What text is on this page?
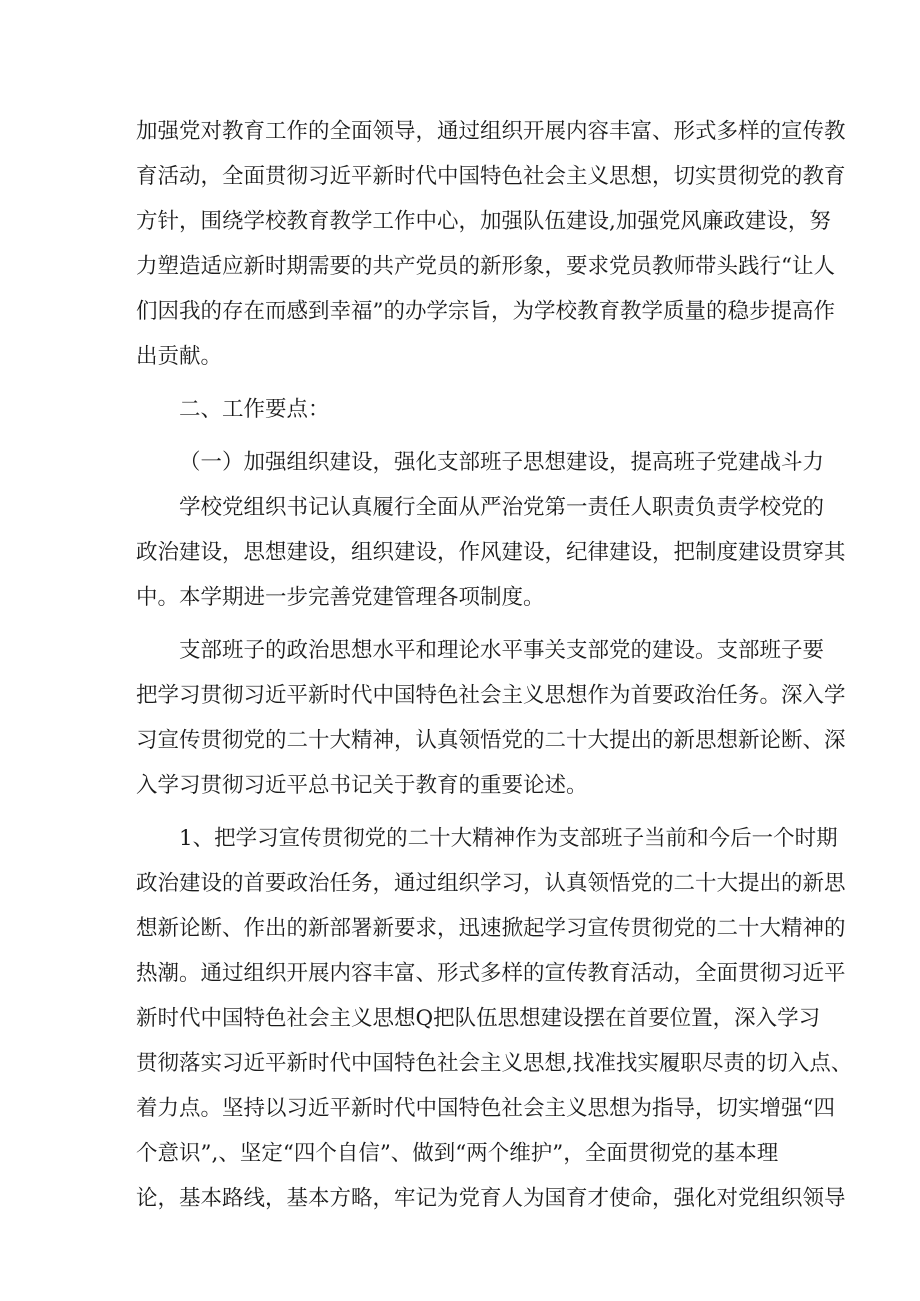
加强党对教育工作的全面领导，通过组织开展内容丰富、形式多样的宣传教
育活动，全面贯彻习近平新时代中国特色社会主义思想，切实贯彻党的教育
方针，围绕学校教育教学工作中心，加强队伍建设,加强党风廉政建设，努
力塑造适应新时期需要的共产党员的新形象，要求党员教师带头践行“让人
们因我的存在而感到幸福”的办学宗旨，为学校教育教学质量的稳步提高作
出贡献。
二、工作要点：
（一）加强组织建设，强化支部班子思想建设，提高班子党建战斗力
学校党组织书记认真履行全面从严治党第一责任人职责负责学校党的
政治建设，思想建设，组织建设，作风建设，纪律建设，把制度建设贯穿其
中。本学期进一步完善党建管理各项制度。
支部班子的政治思想水平和理论水平事关支部党的建设。支部班子要
把学习贯彻习近平新时代中国特色社会主义思想作为首要政治任务。深入学
习宣传贯彻党的二十大精神，认真领悟党的二十大提出的新思想新论断、深
入学习贯彻习近平总书记关于教育的重要论述。
1、把学习宣传贯彻党的二十大精神作为支部班子当前和今后一个时期
政治建设的首要政治任务，通过组织学习，认真领悟党的二十大提出的新思
想新论断、作出的新部署新要求，迅速掀起学习宣传贯彻党的二十大精神的
热潮。通过组织开展内容丰富、形式多样的宣传教育活动，全面贯彻习近平
新时代中国特色社会主义思想Q把队伍思想建设摆在首要位置，深入学习
贯彻落实习近平新时代中国特色社会主义思想,找准找实履职尽责的切入点、
着力点。坚持以习近平新时代中国特色社会主义思想为指导，切实增强“四
个意识”,、坚定“四个自信”、做到“两个维护”，全面贯彻党的基本理
论，基本路线，基本方略，牢记为党育人为国育才使命，强化对党组织领导
